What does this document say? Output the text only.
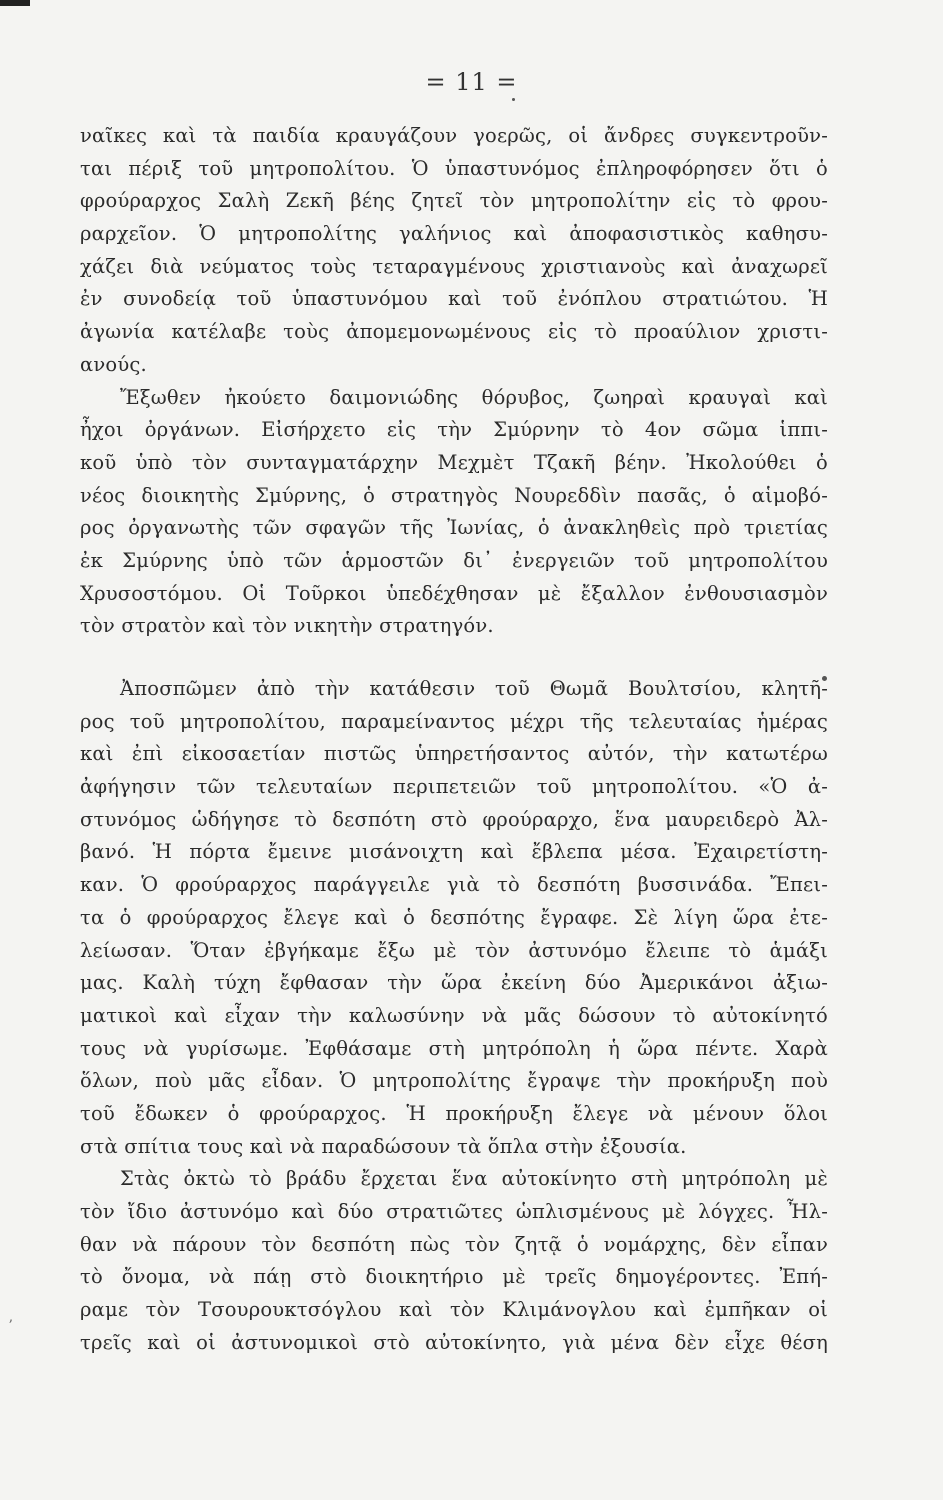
= 11 =
ʼ
ναῖκες καὶ τὰ παιδία κραυγάζουν γοερῶς, οἱ ἄνδρες συγκεντροῦν-
ται πέριξ τοῦ μητροπολίτου. Ὁ ὑπαστυνόμος ἐπληροφόρησεν ὅτι ὁ
φρούραρχος Σαλὴ Ζεκῆ βέης ζητεῖ τὸν μητροπολίτην εἰς τὸ φρου-
ραρχεῖον. Ὁ μητροπολίτης γαλήνιος καὶ ἀποφασιστικὸς καθησυ-
χάζει διὰ νεύματος τοὺς τεταραγμένους χριστιανοὺς καὶ ἀναχωρεῖ
ἐν συνοδείᾳ τοῦ ὑπαστυνόμου καὶ τοῦ ἐνόπλου στρατιώτου. Ἡ
ἀγωνία κατέλαβε τοὺς ἀπομεμονωμένους εἰς τὸ προαύλιον χριστι-
ανούς.
Ἔξωθεν ἠκούετο δαιμονιώδης θόρυβος, ζωηραὶ κραυγαὶ καὶ
ἦχοι ὀργάνων. Εἰσήρχετο εἰς τὴν Σμύρνην τὸ 4ον σῶμα ἱππι-
κοῦ ὑπὸ τὸν συνταγματάρχην Μεχμὲτ Τζακῆ βέην. Ἠκολούθει ὁ
νέος διοικητὴς Σμύρνης, ὁ στρατηγὸς Νουρεδδὶν πασᾶς, ὁ αἱμοβό-
ρος ὀργανωτὴς τῶν σφαγῶν τῆς Ἰωνίας, ὁ ἀνακληθεὶς πρὸ τριετίας
ἐκ Σμύρνης ὑπὸ τῶν ἁρμοστῶν δι᾽ ἐνεργειῶν τοῦ μητροπολίτου
Χρυσοστόμου. Οἱ Τοῦρκοι ὑπεδέχθησαν μὲ ἔξαλλον ἐνθουσιασμὸν
τὸν στρατὸν καὶ τὸν νικητὴν στρατηγόν.
Ἀποσπῶμεν ἀπὸ τὴν κατάθεσιν τοῦ Θωμᾶ Βουλτσίου, κλητῆ-
ρος τοῦ μητροπολίτου, παραμείναντος μέχρι τῆς τελευταίας ἡμέρας
καὶ ἐπὶ εἰκοσαετίαν πιστῶς ὑπηρετήσαντος αὐτόν, τὴν κατωτέρω
ἀφήγησιν τῶν τελευταίων περιπετειῶν τοῦ μητροπολίτου. «Ὁ ἀ-
στυνόμος ὡδήγησε τὸ δεσπότη στὸ φρούραρχο, ἕνα μαυρειδερὸ Ἀλ-
βανό. Ἡ πόρτα ἔμεινε μισάνοιχτη καὶ ἔβλεπα μέσα. Ἐχαιρετίστη-
καν. Ὁ φρούραρχος παράγγειλε γιὰ τὸ δεσπότη βυσσινάδα. Ἔπει-
τα ὁ φρούραρχος ἔλεγε καὶ ὁ δεσπότης ἔγραφε. Σὲ λίγη ὥρα ἐτε-
λείωσαν. Ὅταν ἐβγήκαμε ἔξω μὲ τὸν ἀστυνόμο ἔλειπε τὸ ἁμάξι
μας. Καλὴ τύχη ἔφθασαν τὴν ὥρα ἐκείνη δύο Ἀμερικάνοι ἀξιω-
ματικοὶ καὶ εἶχαν τὴν καλωσύνην νὰ μᾶς δώσουν τὸ αὐτοκίνητό
τους νὰ γυρίσωμε. Ἐφθάσαμε στὴ μητρόπολη ἡ ὥρα πέντε. Χαρὰ
ὅλων, ποὺ μᾶς εἶδαν. Ὁ μητροπολίτης ἔγραψε τὴν προκήρυξη ποὺ
τοῦ ἔδωκεν ὁ φρούραρχος. Ἡ προκήρυξη ἔλεγε νὰ μένουν ὅλοι
στὰ σπίτια τους καὶ νὰ παραδώσουν τὰ ὅπλα στὴν ἐξουσία.
Στὰς ὀκτὼ τὸ βράδυ ἔρχεται ἕνα αὐτοκίνητο στὴ μητρόπολη μὲ
τὸν ἴδιο ἀστυνόμο καὶ δύο στρατιῶτες ὡπλισμένους μὲ λόγχες. Ἦλ-
θαν νὰ πάρουν τὸν δεσπότη πὼς τὸν ζητᾷ ὁ νομάρχης, δὲν εἶπαν
τὸ ὄνομα, νὰ πάῃ στὸ διοικητήριο μὲ τρεῖς δημογέροντες. Ἐπή-
ραμε τὸν Τσουρουκτσόγλου καὶ τὸν Κλιμάνογλου καὶ ἐμπῆκαν οἱ
τρεῖς καὶ οἱ ἀστυνομικοὶ στὸ αὐτοκίνητο, γιὰ μένα δὲν εἶχε θέση
